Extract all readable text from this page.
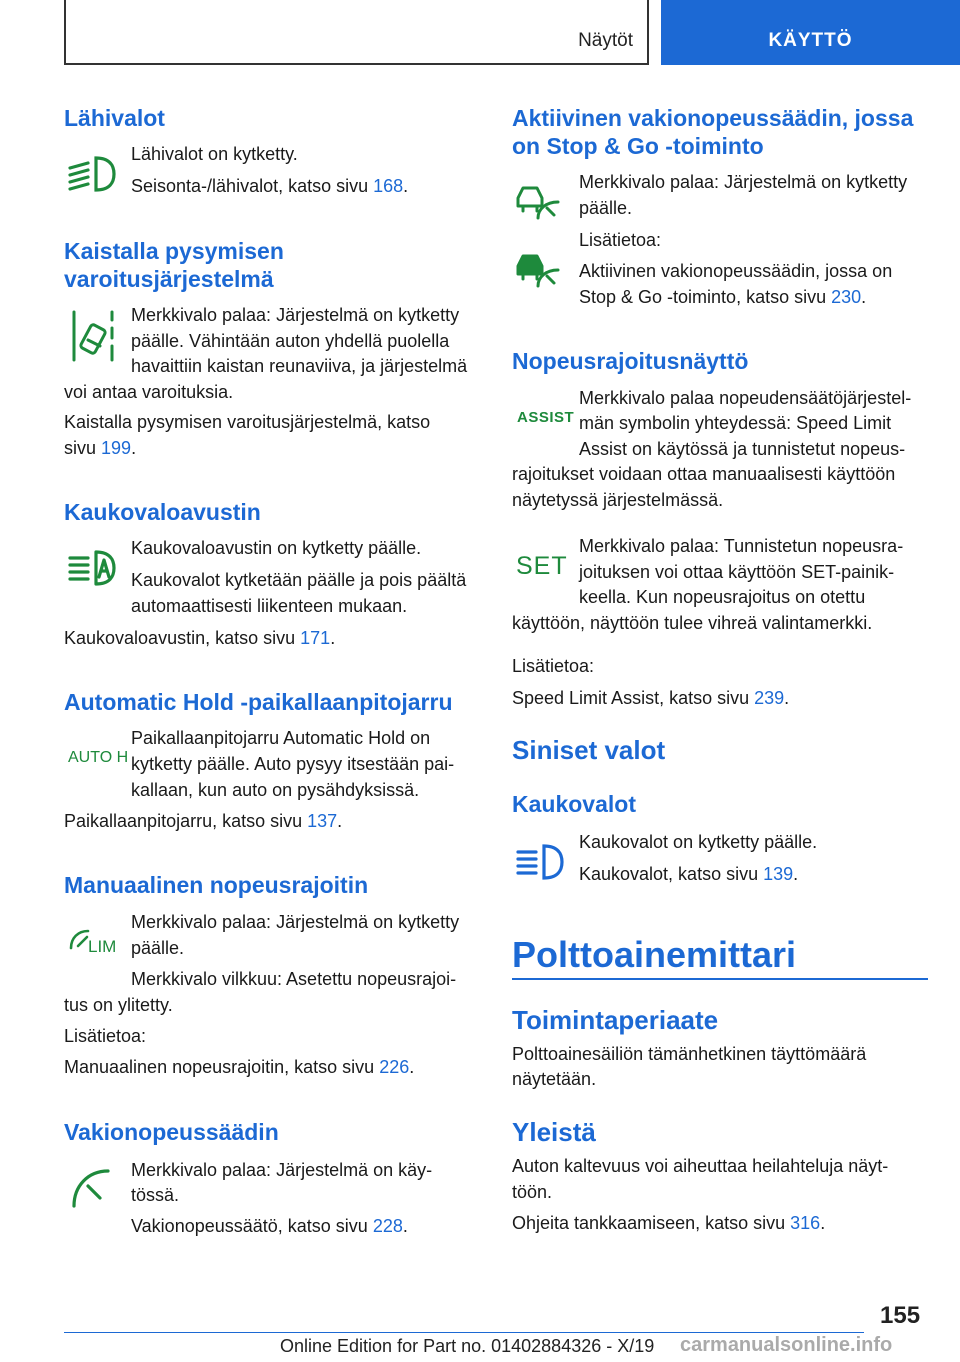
Näytöt	KÄYTTÖ
Lähivalot
Lähivalot on kytketty.
Seisonta-/lähivalot, katso sivu 168.
Kaistalla pysymisen
varoitusjärjestelmä
Merkkivalo palaa: Järjestelmä on kytketty
päälle. Vähintään auton yhdellä puolella
havaittiin kaistan reunaviiva, ja järjestelmä
voi antaa varoituksia.
Kaistalla pysymisen varoitusjärjestelmä, katso
sivu 199.
Kaukovaloavustin
Kaukovaloavustin on kytketty päälle.
Kaukovalot kytketään päälle ja pois päältä
automaattisesti liikenteen mukaan.
Kaukovaloavustin, katso sivu 171.
Automatic Hold -paikallaanpitojarru
AUTO H
Paikallaanpitojarru Automatic Hold on
kytketty päälle. Auto pysyy itsestään pai-
kallaan, kun auto on pysähdyksissä.
Paikallaanpitojarru, katso sivu 137.
Manuaalinen nopeusrajoitin
LIM
Merkkivalo palaa: Järjestelmä on kytketty
päälle.
Merkkivalo vilkkuu: Asetettu nopeusrajoi-
tus on ylitetty.
Lisätietoa:
Manuaalinen nopeusrajoitin, katso sivu 226.
Vakionopeussäädin
Merkkivalo palaa: Järjestelmä on käy-
tössä.
Vakionopeussäätö, katso sivu 228.
Aktiivinen vakionopeussäädin, jossa
on Stop & Go -toiminto
Merkkivalo palaa: Järjestelmä on kytketty
päälle.
Lisätietoa:
Aktiivinen vakionopeussäädin, jossa on
Stop & Go -toiminto, katso sivu 230.
Nopeusrajoitusnäyttö
ASSIST
Merkkivalo palaa nopeudensäätöjärjestel-
män symbolin yhteydessä: Speed Limit
Assist on käytössä ja tunnistetut nopeus-
rajoitukset voidaan ottaa manuaalisesti käyttöön
näytetyssä järjestelmässä.
SET
Merkkivalo palaa: Tunnistetun nopeusra-
joituksen voi ottaa käyttöön SET-painik-
keella. Kun nopeusrajoitus on otettu
käyttöön, näyttöön tulee vihreä valintamerkki.
Lisätietoa:
Speed Limit Assist, katso sivu 239.
Siniset valot
Kaukovalot
Kaukovalot on kytketty päälle.
Kaukovalot, katso sivu 139.
Polttoainemittari
Toimintaperiaate
Polttoainesäiliön tämänhetkinen täyttömäärä
näytetään.
Yleistä
Auton kaltevuus voi aiheuttaa heilahteluja näyt-
töön.
Ohjeita tankkaamiseen, katso sivu 316.
155
Online Edition for Part no. 01402884326 - X/19 carmanualsonline.info
